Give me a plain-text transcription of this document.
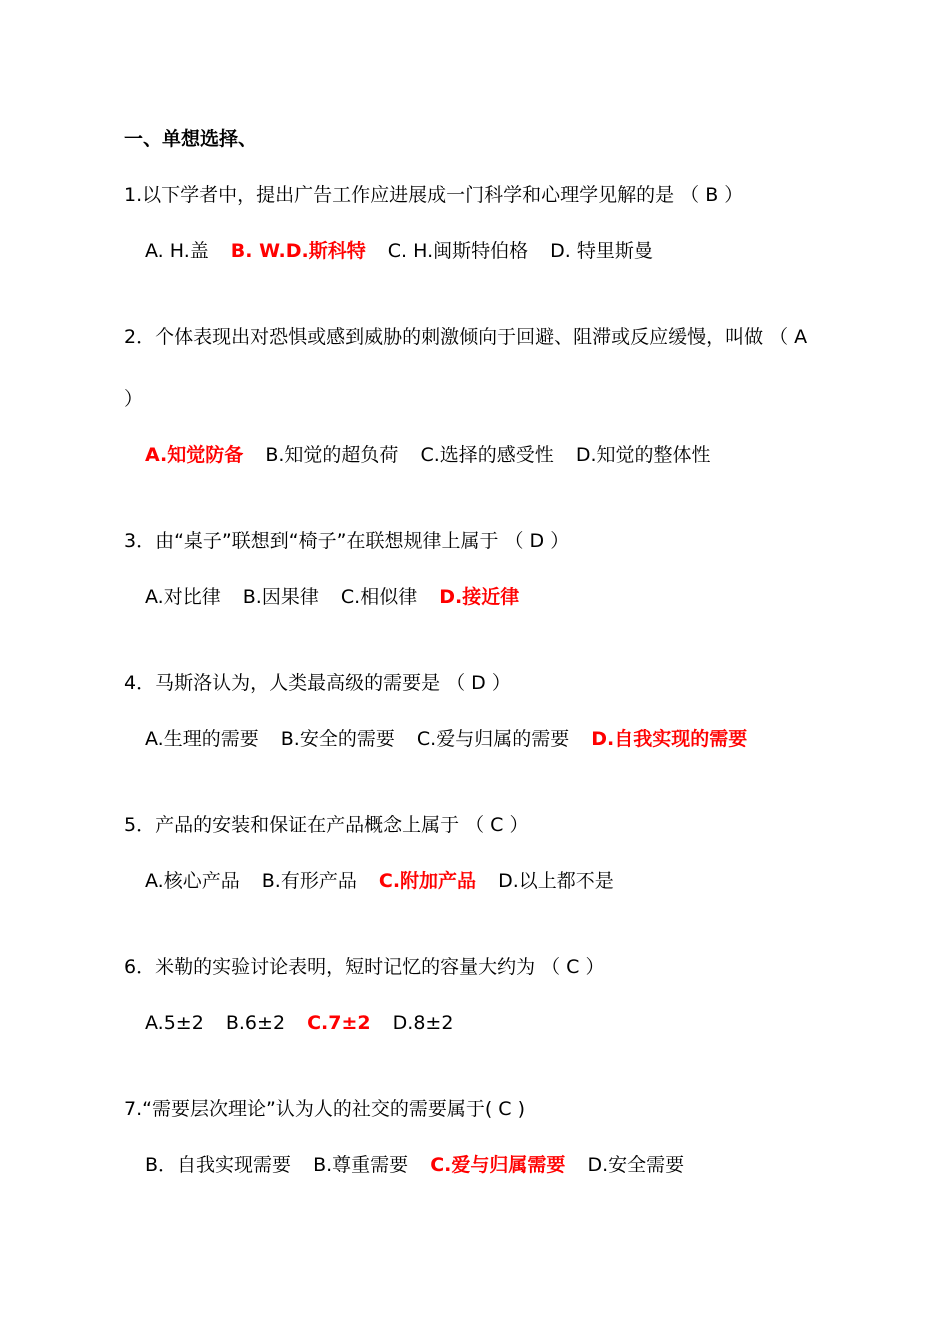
一、单想选择、
1.以下学者中，提出广告工作应进展成一门科学和心理学见解的是 （ B ）
A. H.盖 B. W.D.斯科特 C. H.闽斯特伯格 D. 特里斯曼
2．个体表现出对恐惧或感到威胁的刺激倾向于回避、阻滞或反应缓慢，叫做 （ A
）
A.知觉防备 B.知觉的超负荷 C.选择的感受性 D.知觉的整体性
3．由“桌子”联想到“椅子”在联想规律上属于 （ D ）
A.对比律 B.因果律 C.相似律 D.接近律
4．马斯洛认为，人类最高级的需要是 （ D ）
A.生理的需要 B.安全的需要 C.爱与归属的需要 D.自我实现的需要
5．产品的安装和保证在产品概念上属于 （ C ）
A.核心产品 B.有形产品 C.附加产品 D.以上都不是
6．米勒的实验讨论表明，短时记忆的容量大约为 （ C ）
A.5±2 B.6±2 C.7±2 D.8±2
7.“需要层次理论”认为人的社交的需要属于( C )
B．自我实现需要 B.尊重需要 C.爱与归属需要 D.安全需要
